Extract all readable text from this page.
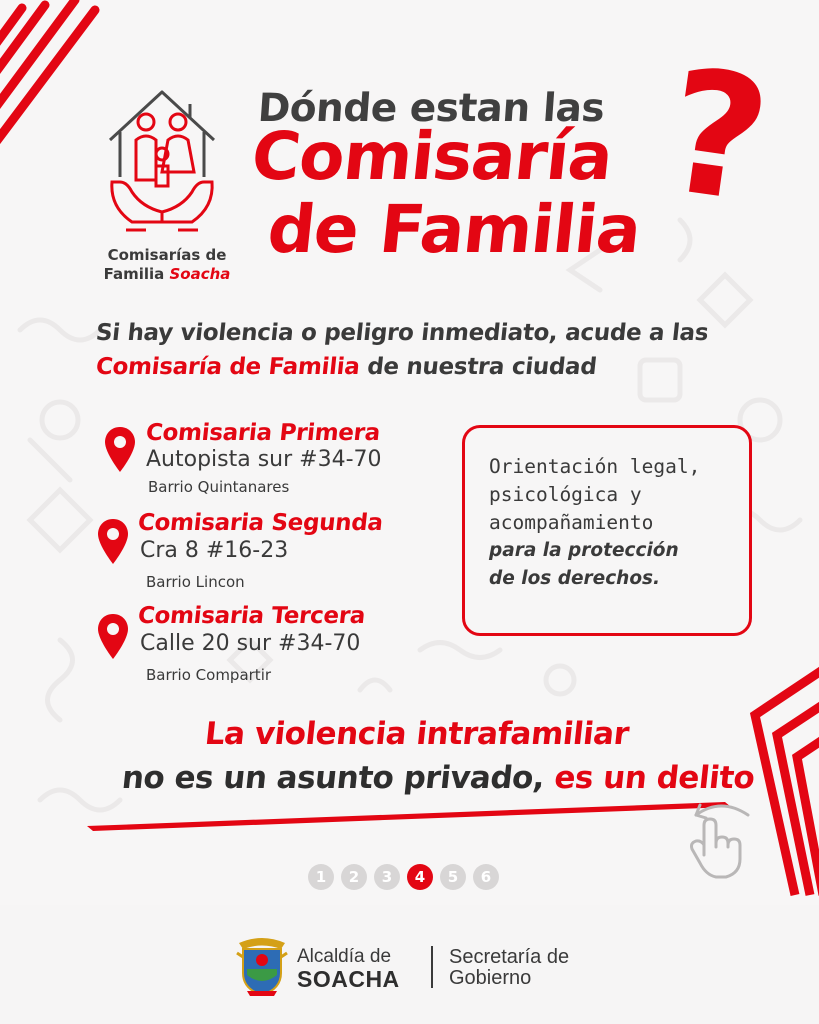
Comisarías de
Familia Soacha
Dónde estan las
Comisaría
de Familia ?
Si hay violencia o peligro inmediato, acude a las
Comisaría de Familia de nuestra ciudad
Comisaria Primera
Autopista sur #34-70
Barrio Quintanares
Comisaria Segunda
Cra 8 #16-23
Barrio Lincon
Comisaria Tercera
Calle 20 sur #34-70
Barrio Compartir

Orientación legal,

psicológica y

acompañamiento

para la protección

de los derechos.

La violencia intrafamiliar
no es un asunto privado, es un delito
1	2	3	4	5	6
Alcaldía de
SOACHA
Secretaría de
Gobierno
